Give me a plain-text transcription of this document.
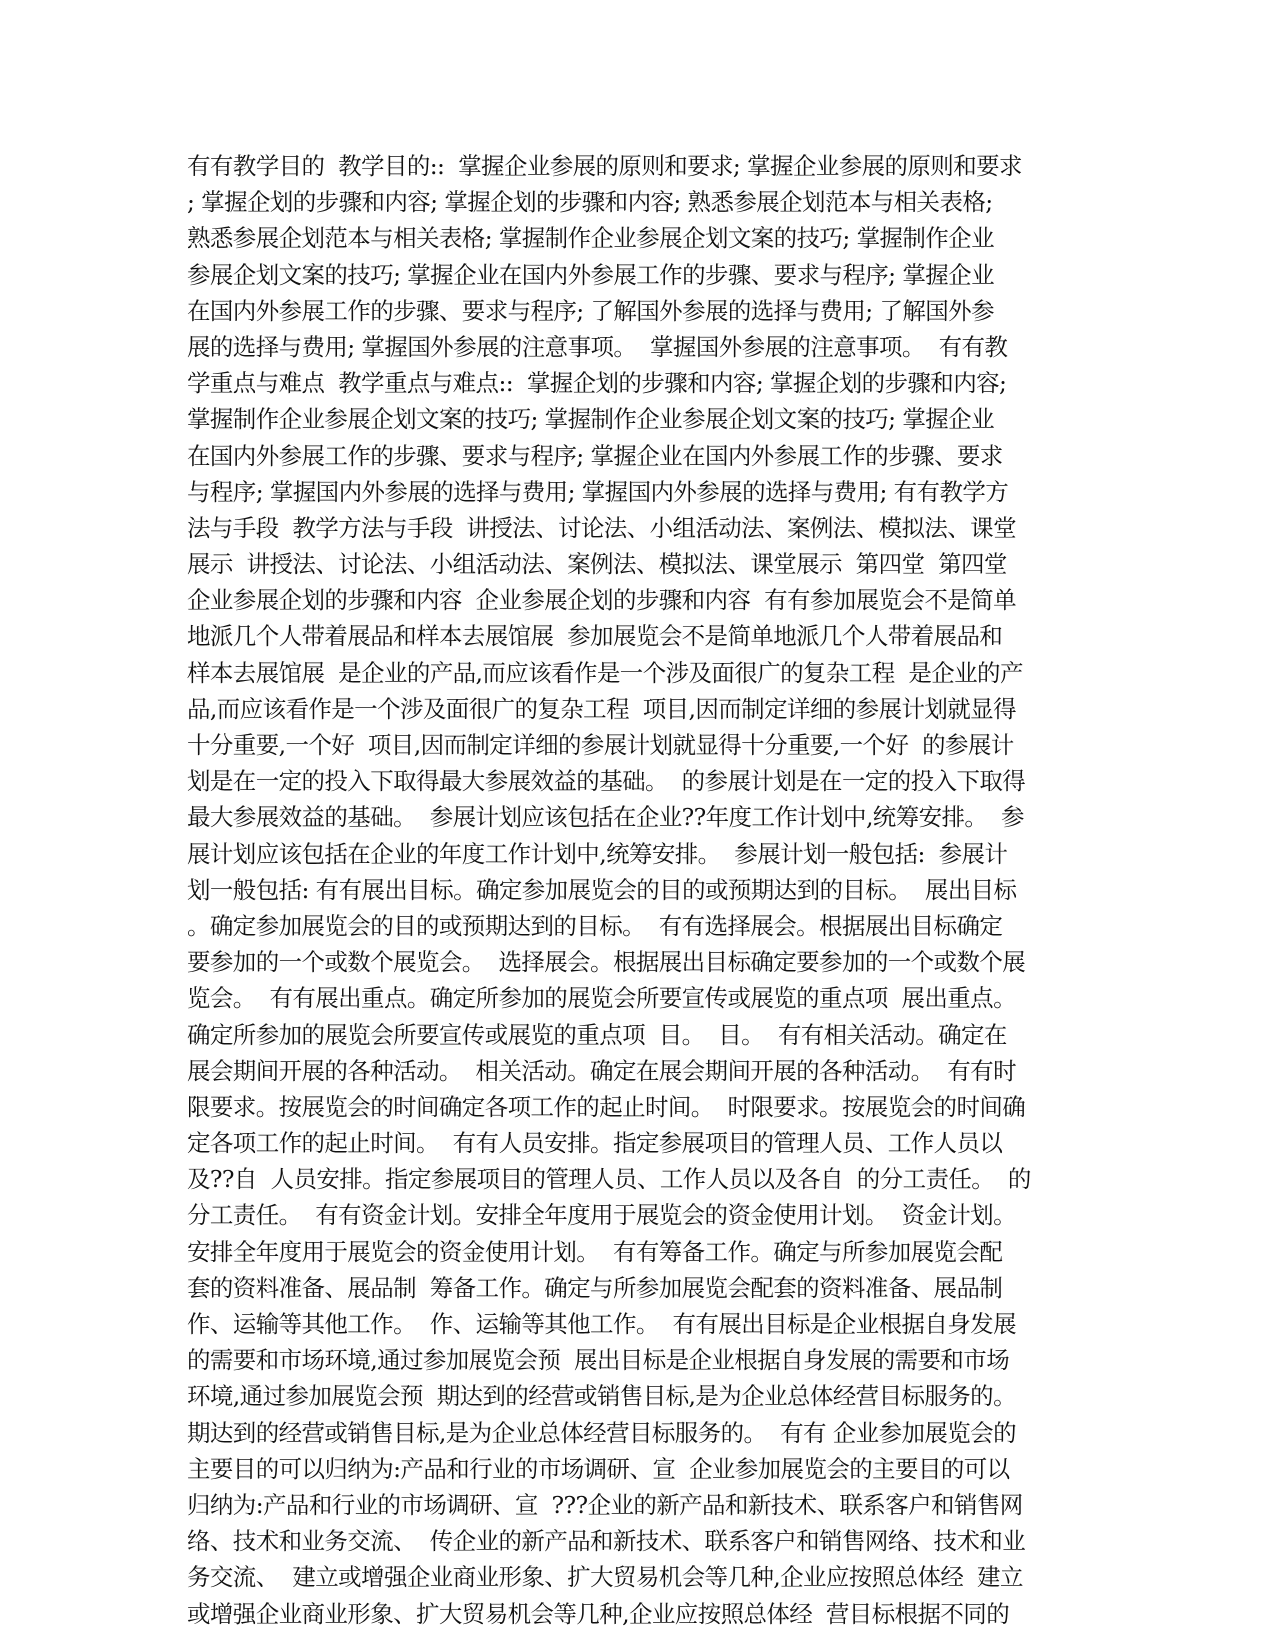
有有教学目的  教学目的::  掌握企业参展的原则和要求; 掌握企业参展的原则和要求
; 掌握企划的步骤和内容; 掌握企划的步骤和内容; 熟悉参展企划范本与相关表格;
熟悉参展企划范本与相关表格; 掌握制作企业参展企划文案的技巧; 掌握制作企业
参展企划文案的技巧; 掌握企业在国内外参展工作的步骤、要求与程序; 掌握企业
在国内外参展工作的步骤、要求与程序; 了解国外参展的选择与费用; 了解国外参
展的选择与费用; 掌握国外参展的注意事项。  掌握国外参展的注意事项。  有有教
学重点与难点  教学重点与难点::  掌握企划的步骤和内容; 掌握企划的步骤和内容;
掌握制作企业参展企划文案的技巧; 掌握制作企业参展企划文案的技巧; 掌握企业
在国内外参展工作的步骤、要求与程序; 掌握企业在国内外参展工作的步骤、要求
与程序; 掌握国内外参展的选择与费用; 掌握国内外参展的选择与费用; 有有教学方
法与手段  教学方法与手段  讲授法、讨论法、小组活动法、案例法、模拟法、课堂
展示  讲授法、讨论法、小组活动法、案例法、模拟法、课堂展示  第四堂  第四堂
企业参展企划的步骤和内容  企业参展企划的步骤和内容  有有参加展览会不是简单
地派几个人带着展品和样本去展馆展  参加展览会不是简单地派几个人带着展品和
样本去展馆展  是企业的产品,而应该看作是一个涉及面很广的复杂工程  是企业的产
品,而应该看作是一个涉及面很广的复杂工程  项目,因而制定详细的参展计划就显得
十分重要,一个好  项目,因而制定详细的参展计划就显得十分重要,一个好  的参展计
划是在一定的投入下取得最大参展效益的基础。  的参展计划是在一定的投入下取得
最大参展效益的基础。  参展计划应该包括在企业??年度工作计划中,统筹安排。  参
展计划应该包括在企业的年度工作计划中,统筹安排。  参展计划一般包括:  参展计
划一般包括: 有有展出目标。确定参加展览会的目的或预期达到的目标。  展出目标
。确定参加展览会的目的或预期达到的目标。  有有选择展会。根据展出目标确定
要参加的一个或数个展览会。  选择展会。根据展出目标确定要参加的一个或数个展
览会。  有有展出重点。确定所参加的展览会所要宣传或展览的重点项  展出重点。
确定所参加的展览会所要宣传或展览的重点项  目。  目。  有有相关活动。确定在
展会期间开展的各种活动。  相关活动。确定在展会期间开展的各种活动。  有有时
限要求。按展览会的时间确定各项工作的起止时间。  时限要求。按展览会的时间确
定各项工作的起止时间。  有有人员安排。指定参展项目的管理人员、工作人员以
及??自  人员安排。指定参展项目的管理人员、工作人员以及各自  的分工责任。  的
分工责任。  有有资金计划。安排全年度用于展览会的资金使用计划。  资金计划。
安排全年度用于展览会的资金使用计划。  有有筹备工作。确定与所参加展览会配
套的资料准备、展品制  筹备工作。确定与所参加展览会配套的资料准备、展品制
作、运输等其他工作。  作、运输等其他工作。  有有展出目标是企业根据自身发展
的需要和市场环境,通过参加展览会预  展出目标是企业根据自身发展的需要和市场
环境,通过参加展览会预  期达到的经营或销售目标,是为企业总体经营目标服务的。
期达到的经营或销售目标,是为企业总体经营目标服务的。  有有 企业参加展览会的
主要目的可以归纳为:产品和行业的市场调研、宣  企业参加展览会的主要目的可以
归纳为:产品和行业的市场调研、宣  ???企业的新产品和新技术、联系客户和销售网
络、技术和业务交流、  传企业的新产品和新技术、联系客户和销售网络、技术和业
务交流、  建立或增强企业商业形象、扩大贸易机会等几种,企业应按照总体经  建立
或增强企业商业形象、扩大贸易机会等几种,企业应按照总体经  营目标根据不同的
